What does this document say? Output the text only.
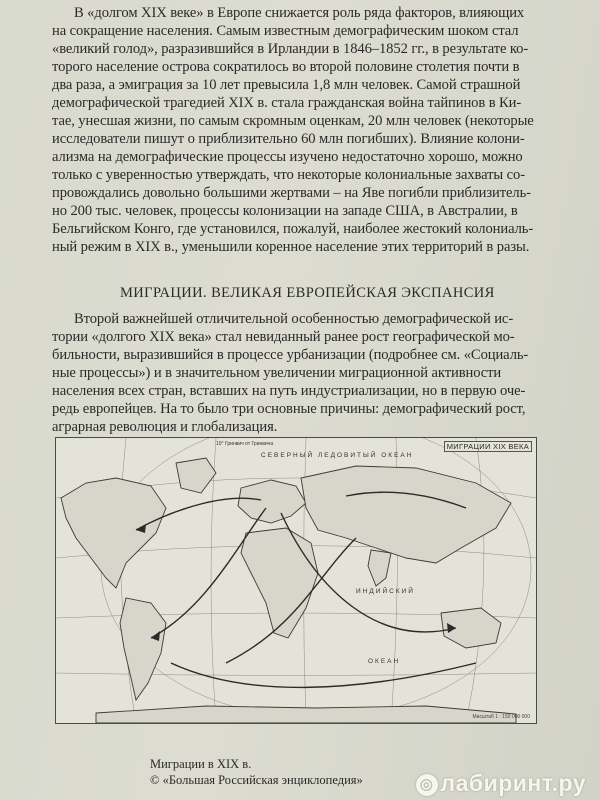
В «долгом XIX веке» в Европе снижается роль ряда факторов, влияющих
на сокращение населения. Самым известным демографическим шоком стал
«великий голод», разразившийся в Ирландии в 1846–1852 гг., в результате ко-
торого население острова сократилось во второй половине столетия почти в
два раза, а эмиграция за 10 лет превысила 1,8 млн человек. Самой страшной
демографической трагедией XIX в. стала гражданская война тайпинов в Ки-
тае, унесшая жизни, по самым скромным оценкам, 20 млн человек (некоторые
исследователи пишут о приблизительно 60 млн погибших). Влияние колони-
ализма на демографические процессы изучено недостаточно хорошо, можно
только с уверенностью утверждать, что некоторые колониальные захваты со-
провождались довольно большими жертвами – на Яве погибли приблизитель-
но 200 тыс. человек, процессы колонизации на западе США, в Австралии, в
Бельгийском Конго, где установился, пожалуй, наиболее жестокий колониаль-
ный режим в XIX в., уменьшили коренное население этих территорий в разы.
МИГРАЦИИ. ВЕЛИКАЯ ЕВРОПЕЙСКАЯ ЭКСПАНСИЯ
Второй важнейшей отличительной особенностью демографической ис-
тории «долгого XIX века» стал невиданный ранее рост географической мо-
бильности, выразившийся в процессе урбанизации (подробнее см. «Социаль-
ные процессы») и в значительном увеличении миграционной активности
населения всех стран, вставших на путь индустриализации, но в первую оче-
редь европейцев. На то было три основные причины: демографический рост,
аграрная революция и глобализация.
МИГРАЦИИ XIX ВЕКА
СЕВЕРНЫЙ ЛЕДОВИТЫЙ ОКЕАН
ИНДИЙСКИЙ
ОКЕАН
10° Гринвич от Гринвича
Масштаб 1 : 150 000 000
Миграции в XIX в.
© «Большая Российская энциклопедия»	◎ лабиринт.ру
